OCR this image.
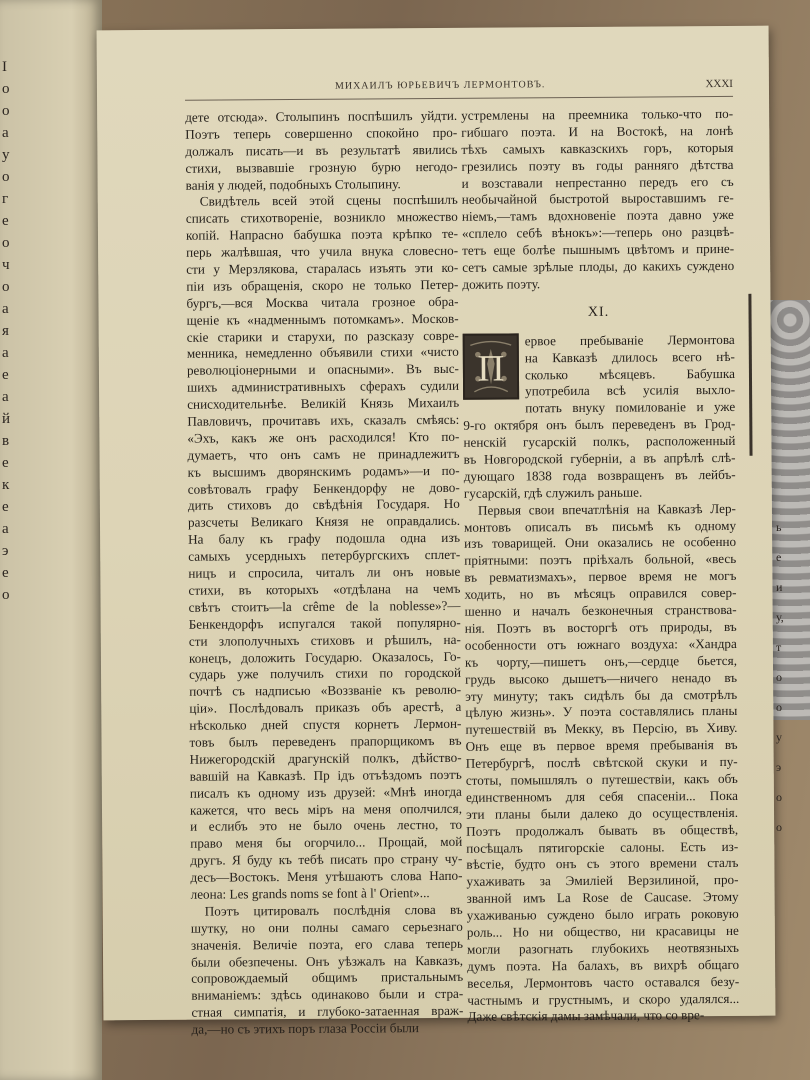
I
о
о
а
у
о
г
е
о
ч
о
а
я
а
е
а
й
в
е
к
е
а
э
е
о
МИХАИЛЪ ЮРЬЕВИЧЪ ЛЕРМОНТОВЪ.	XXXI
дете отсюда». Столыпинъ поспѣшилъ уйдти.
Поэтъ теперь совершенно спокойно про-
должалъ писать—и въ результатѣ явились
стихи, вызвавшіе грозную бурю негодо-
ванія у людей, подобныхъ Столыпину.
Свидѣтель всей этой сцены поспѣшилъ
списать стихотвореніе, возникло множество
копій. Напрасно бабушка поэта крѣпко те-
перь жалѣвшая, что учила внука словесно-
сти у Мерзлякова, старалась изъять эти ко-
піи изъ обращенія, скоро не только Петер-
бургъ,—вся Москва читала грозное обра-
щеніе къ «надменнымъ потомкамъ». Москов-
скіе старики и старухи, по разсказу совре-
менника, немедленно объявили стихи «чисто
революціонерными и опасными». Въ выс-
шихъ административныхъ сферахъ судили
снисходительнѣе. Великій Князь Михаилъ
Павловичъ, прочитавъ ихъ, сказалъ смѣясь:
«Эхъ, какъ же онъ расходился! Кто по-
думаетъ, что онъ самъ не принадлежитъ
къ высшимъ дворянскимъ родамъ»—и по-
совѣтовалъ графу Бенкендорфу не дово-
дить стиховъ до свѣдѣнія Государя. Но
разсчеты Великаго Князя не оправдались.
На балу къ графу подошла одна изъ
самыхъ усердныхъ петербургскихъ сплет-
ницъ и спросила, читалъ ли онъ новые
стихи, въ которыхъ «отдѣлана на чемъ
свѣтъ стоитъ—la crême de la noblesse»?—
Бенкендорфъ испугался такой популярно-
сти злополучныхъ стиховъ и рѣшилъ, на-
конецъ, доложить Государю. Оказалось, Го-
сударь уже получилъ стихи по городской
почтѣ съ надписью «Воззваніе къ револю-
ціи». Послѣдовалъ приказъ объ арестѣ, а
нѣсколько дней спустя корнетъ Лермон-
товъ былъ переведенъ прапорщикомъ въ
Нижегородскій драгунскій полкъ, дѣйство-
вавшій на Кавказѣ. Пр ідъ отъѣздомъ поэтъ
писалъ къ одному изъ друзей: «Мнѣ иногда
кажется, что весь міръ на меня ополчился,
и еслибъ это не было очень лестно, то
право меня бы огорчило... Прощай, мой
другъ. Я буду къ тебѣ писать про страну чу-
десъ—Востокъ. Меня утѣшаютъ слова Напо-
леона: Les grands noms se font à l' Orient»...
Поэтъ цитировалъ послѣднія слова въ
шутку, но они полны самаго серьезнаго
значенія. Величіе поэта, его слава теперь
были обезпечены. Онъ уѣзжалъ на Кавказъ,
сопровождаемый общимъ пристальнымъ
вниманіемъ: здѣсь одинаково были и стра-
стная симпатія, и глубоко-затаенная враж-
да,—но съ этихъ поръ глаза Россіи были
устремлены на преемника только-что по-
гибшаго поэта. И на Востокѣ, на лонѣ
тѣхъ самыхъ кавказскихъ горъ, которыя
грезились поэту въ годы ранняго дѣтства
и возставали непрестанно передъ его съ
необычайной быстротой выроставшимъ ге-
ніемъ,—тамъ вдохновеніе поэта давно уже
«сплело себѣ вѣнокъ»:—теперь оно разцвѣ-
тетъ еще болѣе пышнымъ цвѣтомъ и прине-
сетъ самые зрѣлые плоды, до какихъ суждено
дожить поэту.
XI.
П
ервое пребываніе Лермонтова
на Кавказѣ длилось всего нѣ-
сколько мѣсяцевъ. Бабушка
употребила всѣ усилія выхло-
потать внуку помилованіе и уже
9-го октября онъ былъ переведенъ въ Грод-
ненскій гусарскій полкъ, расположенный
въ Новгородской губерніи, а въ апрѣлѣ слѣ-
дующаго 1838 года возвращенъ въ лейбъ-
гусарскій, гдѣ служилъ раньше.
Первыя свои впечатлѣнія на Кавказѣ Лер-
монтовъ описалъ въ письмѣ къ одному
изъ товарищей. Они оказались не особенно
пріятными: поэтъ пріѣхалъ больной, «весь
въ ревматизмахъ», первое время не могъ
ходить, но въ мѣсяцъ оправился совер-
шенно и началъ безконечныя странствова-
нія. Поэтъ въ восторгѣ отъ природы, въ
особенности отъ южнаго воздуха: «Хандра
къ чорту,—пишетъ онъ,—сердце бьется,
грудь высоко дышетъ—ничего ненадо въ
эту минуту; такъ сидѣлъ бы да смотрѣлъ
цѣлую жизнь». У поэта составлялись планы
путешествій въ Мекку, въ Персію, въ Хиву.
Онъ еще въ первое время пребыванія въ
Петербургѣ, послѣ свѣтской скуки и пу-
стоты, помышлялъ о путешествіи, какъ объ
единственномъ для себя спасеніи... Пока
эти планы были далеко до осуществленія.
Поэтъ продолжалъ бывать въ обществѣ,
посѣщалъ пятигорскіе салоны. Есть из-
вѣстіе, будто онъ съ этого времени сталъ
ухаживать за Эмиліей Верзилиной, про-
званной имъ La Rose de Caucase. Этому
ухаживанью суждено было играть роковую
роль... Но ни общество, ни красавицы не
могли разогнать глубокихъ неотвязныхъ
думъ поэта. На балахъ, въ вихрѣ общаго
веселья, Лермонтовъ часто оставался безу-
частнымъ и грустнымъ, и скоро удалялся...
Даже свѣтскія дамы замѣчали, что со вре-
ь
е
и
у,
т
о
о
у
э
о
о
